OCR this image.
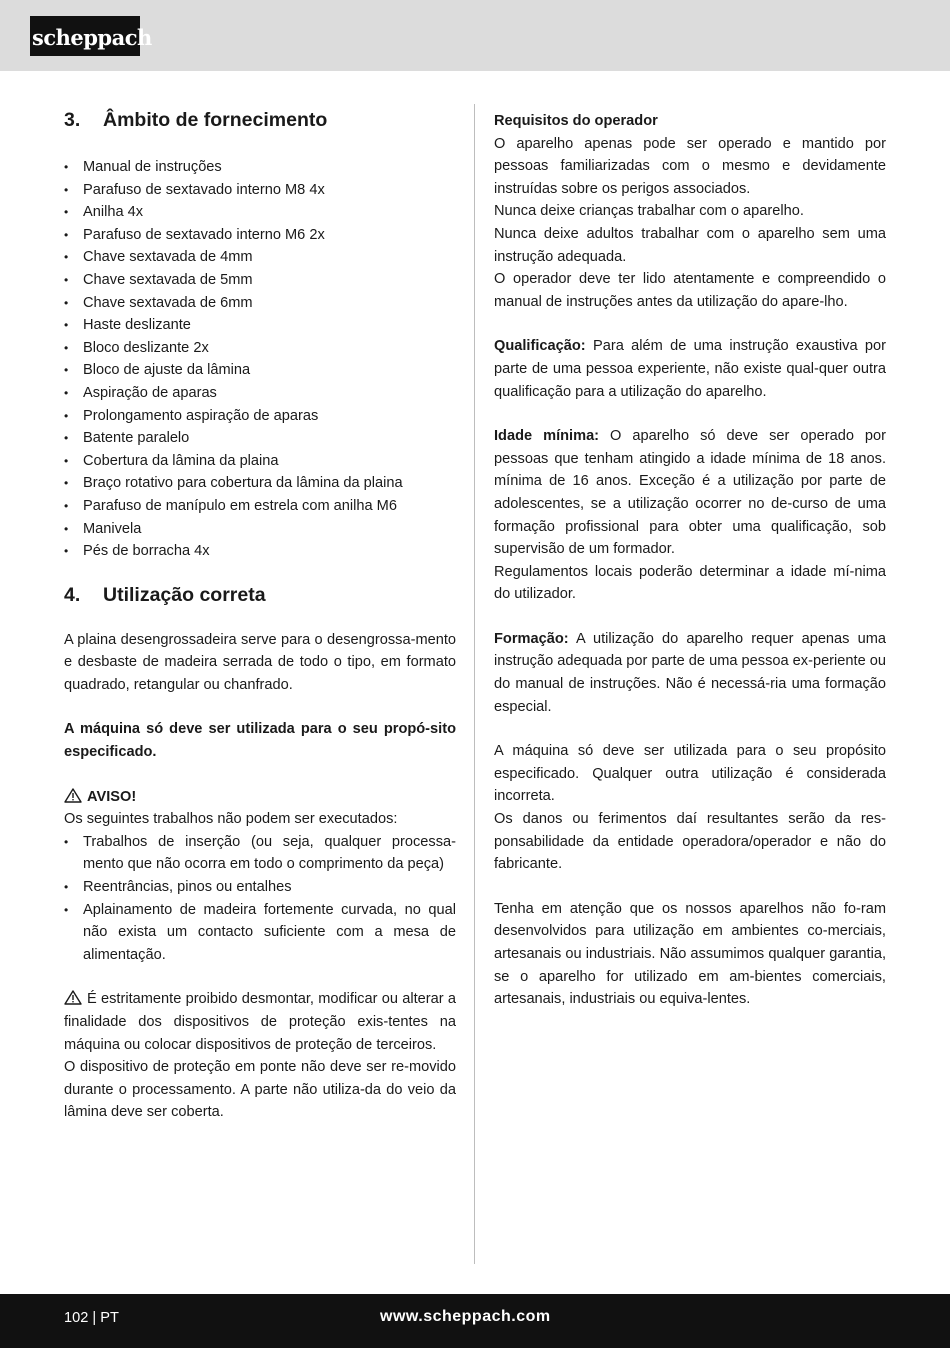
scheppach
3.	Âmbito de fornecimento
• Manual de instruções
• Parafuso de sextavado interno M8 4x
• Anilha 4x
• Parafuso de sextavado interno M6 2x
• Chave sextavada de 4mm
• Chave sextavada de 5mm
• Chave sextavada de 6mm
• Haste deslizante
• Bloco deslizante 2x
• Bloco de ajuste da lâmina
• Aspiração de aparas
• Prolongamento aspiração de aparas
• Batente paralelo
• Cobertura da lâmina da plaina
• Braço rotativo para cobertura da lâmina da plaina
• Parafuso de manípulo em estrela com anilha M6
• Manivela
• Pés de borracha 4x
4.	Utilização correta

A plaina desengrossadeira serve para o desengrossa-mento e desbaste de madeira serrada de todo o tipo, em formato quadrado, retangular ou chanfrado.

A máquina só deve ser utilizada para o seu propó-sito especificado.

AVISO!

Os seguintes trabalhos não podem ser executados:

• Trabalhos de inserção (ou seja, qualquer processa-mento que não ocorra em todo o comprimento da peça)
• Reentrâncias, pinos ou entalhes
• Aplainamento de madeira fortemente curvada, no qual não exista um contacto suficiente com a mesa de alimentação.

É estritamente proibido desmontar, modificar ou alterar a finalidade dos dispositivos de proteção exis-tentes na máquina ou colocar dispositivos de proteção de terceiros.

O dispositivo de proteção em ponte não deve ser re-movido durante o processamento. A parte não utiliza-da do veio da lâmina deve ser coberta.

Requisitos do operador

O aparelho apenas pode ser operado e mantido por pessoas familiarizadas com o mesmo e devidamente instruídas sobre os perigos associados.

Nunca deixe crianças trabalhar com o aparelho.

Nunca deixe adultos trabalhar com o aparelho sem uma instrução adequada.

O operador deve ter lido atentamente e compreendido o manual de instruções antes da utilização do apare-lho.

Qualificação: Para além de uma instrução exaustiva por parte de uma pessoa experiente, não existe qual-quer outra qualificação para a utilização do aparelho.

Idade mínima: O aparelho só deve ser operado por pessoas que tenham atingido a idade mínima de 18 anos. mínima de 16 anos. Exceção é a utilização por parte de adolescentes, se a utilização ocorrer no de-curso de uma formação profissional para obter uma qualificação, sob supervisão de um formador.

Regulamentos locais poderão determinar a idade mí-nima do utilizador.

Formação: A utilização do aparelho requer apenas uma instrução adequada por parte de uma pessoa ex-periente ou do manual de instruções. Não é necessá-ria uma formação especial.

A máquina só deve ser utilizada para o seu propósito especificado. Qualquer outra utilização é considerada incorreta.

Os danos ou ferimentos daí resultantes serão da res-ponsabilidade da entidade operadora/operador e não do fabricante.

Tenha em atenção que os nossos aparelhos não fo-ram desenvolvidos para utilização em ambientes co-merciais, artesanais ou industriais. Não assumimos qualquer garantia, se o aparelho for utilizado em am-bientes comerciais, artesanais, industriais ou equiva-lentes.

102 | PT	www.scheppach.com
